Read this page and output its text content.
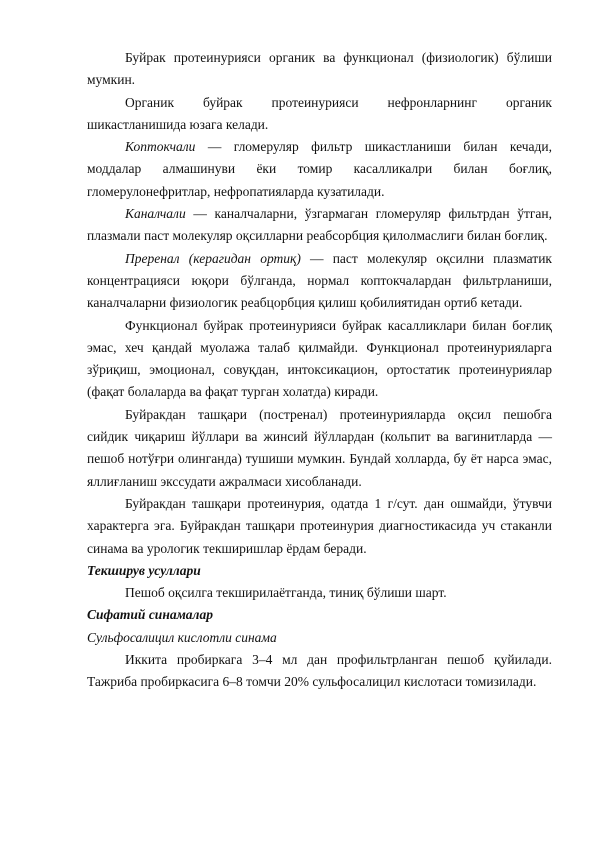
Буйрак протеинурияси органик ва функционал (физиологик) бўлиши мумкин.

Органик буйрак протеинурияси нефронларнинг органик шикастланишида юзага келади.

Коптокчали — гломеруляр фильтр шикастланиши билан кечади, моддалар алмашинуви ёки томир касалликалри билан боғлиқ, гломерулонефритлар, нефропатияларда кузатилади.

Каналчали — каналчаларни, ўзгармаган гломеруляр фильтрдан ўтган, плазмали паст молекуляр оқсилларни реабсорбция қилолмаслиги билан боғлиқ.

Преренал (керагидан ортиқ) — паст молекуляр оқсилни плазматик концентрацияси юқори бўлганда, нормал коптокчалардан фильтрланиши, каналчаларни физиологик реабцорбция қилиш қобилиятидан ортиб кетади.

Функционал буйрак протеинурияси буйрак касалликлари билан боғлиқ эмас, хеч қандай муолажа талаб қилмайди. Функционал протеинурияларга зўриқиш, эмоционал, совуқдан, интоксикацион, ортостатик протеинуриялар (фақат болаларда ва фақат турган холатда) киради.

Буйракдан ташқари (постренал) протеинурияларда оқсил пешобга сийдик чиқариш йўллари ва жинсий йўллардан (кольпит ва вагинитларда — пешоб нотўғри олинганда) тушиши мумкин. Бундай холларда, бу ёт нарса эмас, яллиғланиш экссудати ажралмаси хисобланади.

Буйракдан ташқари протеинурия, одатда 1 г/сут. дан ошмайди, ўтувчи характерга эга. Буйракдан ташқари протеинурия диагностикасида уч стаканли синама ва урологик текширишлар ёрдам беради.

Текширув усуллари

Пешоб оқсилга текширилаётганда, тиниқ бўлиши шарт.

Сифатий синамалар

Сульфосалицил кислотли синама

Иккита пробиркага 3–4 мл дан профильтрланган пешоб қуйилади. Тажриба пробиркасига 6–8 томчи 20% сульфосалицил кислотаси томизилади.
